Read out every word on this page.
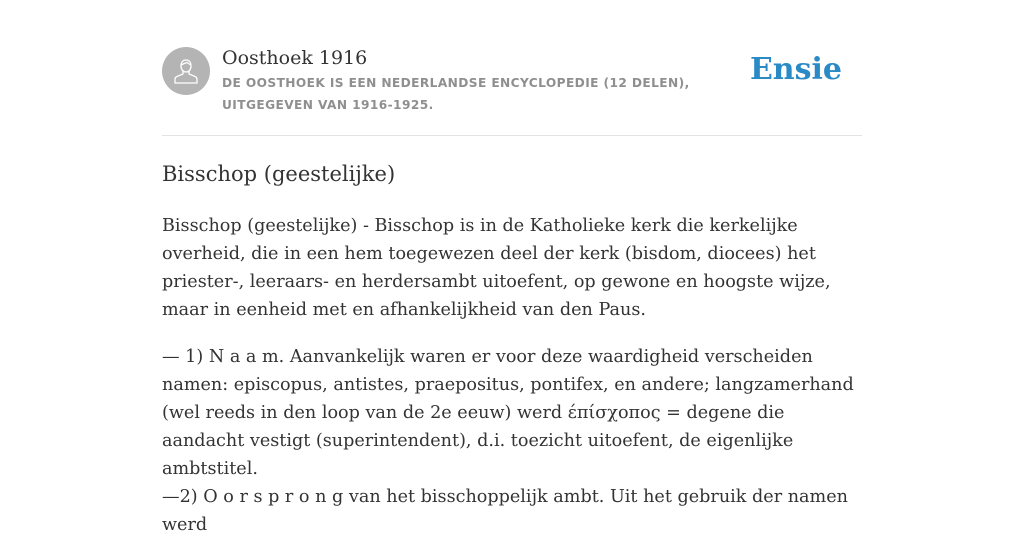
Oosthoek 1916
DE OOSTHOEK IS EEN NEDERLANDSE ENCYCLOPEDIE (12 DELEN), UITGEGEVEN VAN 1916-1925.
Ensie
Bisschop (geestelijke)

Bisschop (geestelijke) - Bisschop is in de Katholieke kerk die kerkelijke overheid, die in een hem toegewezen deel der kerk (bisdom, diocees) het priester-, leeraars- en herdersambt uitoefent, op gewone en hoogste wijze, maar in eenheid met en afhankelijkheid van den Paus.

— 1) N a a m. Aanvankelijk waren er voor deze waardigheid verscheiden namen: episcopus, antistes, praepositus, pontifex, en andere; langzamerhand (wel reeds in den loop van de 2e eeuw) werd έπίσχοπος = degene die aandacht vestigt (superintendent), d.i. toezicht uitoefent, de eigenlijke ambtstitel.

—2) O o r s p r o n g van het bisschoppelijk ambt. Uit het gebruik der namen werd
